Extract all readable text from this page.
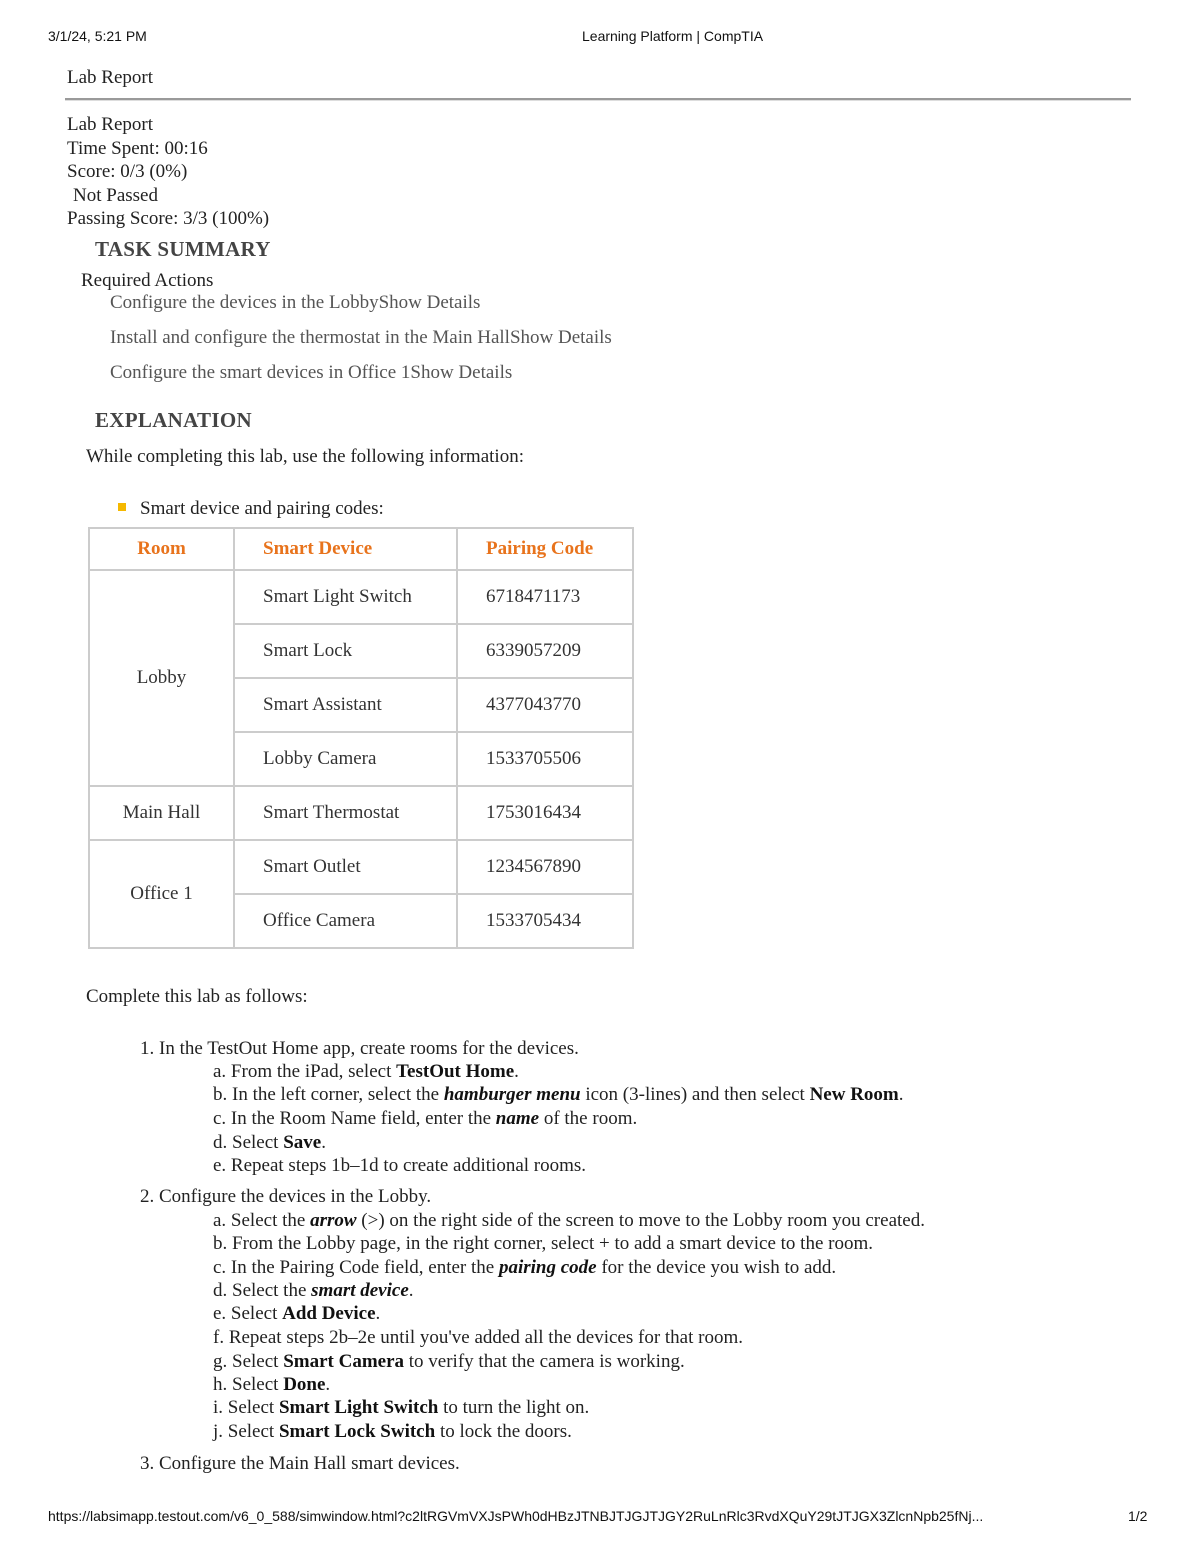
3/1/24, 5:21 PM	Learning Platform | CompTIA
https://labsimapp.testout.com/v6_0_588/simwindow.html?c2ltRGVmVXJsPWh0dHBzJTNBJTJGJTJGY2RuLnRlc3RvdXQuY29tJTJGX3ZlcnNpb25fNj...	1/2
Lab Report
Lab Report
Time Spent: 00:16
Score: 0/3 (0%)
Not Passed
Passing Score: 3/3 (100%)
TASK SUMMARY
Required Actions
Configure the devices in the LobbyShow Details
Install and configure the thermostat in the Main HallShow Details
Configure the smart devices in Office 1Show Details
EXPLANATION
While completing this lab, use the following information:
Smart device and pairing codes:
Room	Smart Device	Pairing Code
Lobby	Smart Light Switch	6718471173
	Smart Lock	6339057209
	Smart Assistant	4377043770
	Lobby Camera	1533705506
Main Hall	Smart Thermostat	1753016434
Office 1	Smart Outlet	1234567890
	Office Camera	1533705434
Complete this lab as follows:
1. In the TestOut Home app, create rooms for the devices.
a. From the iPad, select TestOut Home.
b. In the left corner, select the hamburger menu icon (3-lines) and then select New Room.
c. In the Room Name field, enter the name of the room.
d. Select Save.
e. Repeat steps 1b–1d to create additional rooms.
2. Configure the devices in the Lobby.
a. Select the arrow (>) on the right side of the screen to move to the Lobby room you created.
b. From the Lobby page, in the right corner, select + to add a smart device to the room.
c. In the Pairing Code field, enter the pairing code for the device you wish to add.
d. Select the smart device.
e. Select Add Device.
f. Repeat steps 2b–2e until you've added all the devices for that room.
g. Select Smart Camera to verify that the camera is working.
h. Select Done.
i. Select Smart Light Switch to turn the light on.
j. Select Smart Lock Switch to lock the doors.
3. Configure the Main Hall smart devices.
